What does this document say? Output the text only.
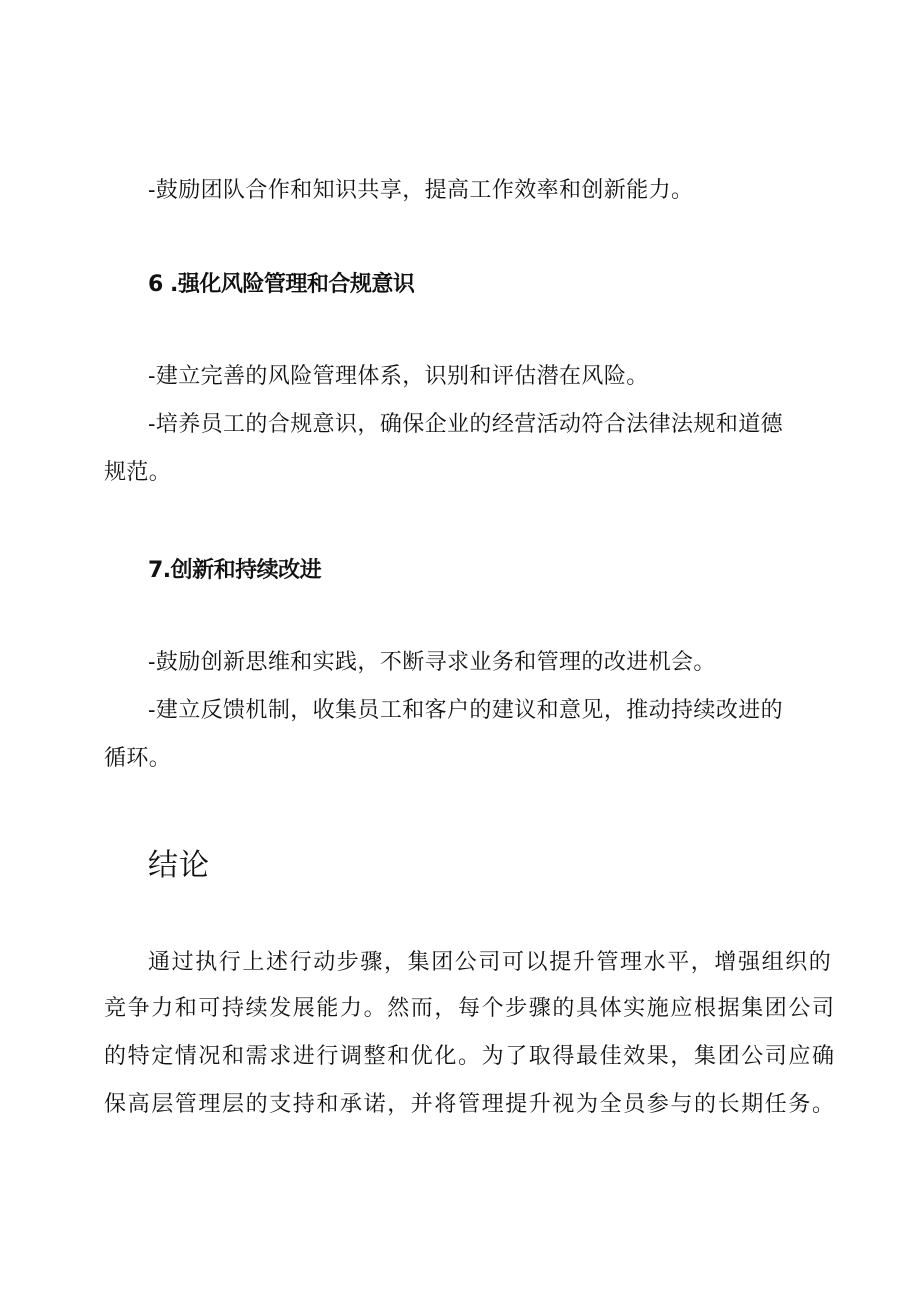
-鼓励团队合作和知识共享，提高工作效率和创新能力。
6 .强化风险管理和合规意识
-建立完善的风险管理体系，识别和评估潜在风险。
-培养员工的合规意识，确保企业的经营活动符合法律法规和道德
规范。
7.创新和持续改进
-鼓励创新思维和实践，不断寻求业务和管理的改进机会。
-建立反馈机制，收集员工和客户的建议和意见，推动持续改进的
循环。
结论
通过执行上述行动步骤，集团公司可以提升管理水平，增强组织的
竞争力和可持续发展能力。然而，每个步骤的具体实施应根据集团公司
的特定情况和需求进行调整和优化。为了取得最佳效果，集团公司应确
保高层管理层的支持和承诺，并将管理提升视为全员参与的长期任务。
